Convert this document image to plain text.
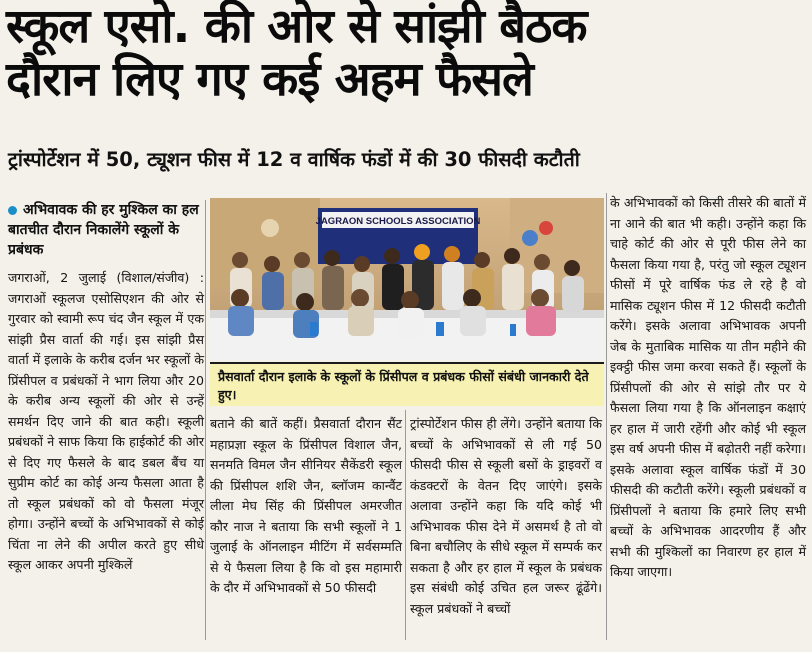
स्कूल एसो. की ओर से सांझी बैठक
दौरान लिए गए कई अहम फैसले
ट्रांस्पोर्टेशन में 50, ट्यूशन फीस में 12 व वार्षिक फंडों में की 30 फीसदी कटौती
अभिवावक की हर मुश्किल का हल बातचीत दौरान निकालेंगे स्कूलों के प्रबंधक
जगराओं, 2 जुलाई (विशाल/संजीव) : जगराओं स्कूलज एसोसिएशन की ओर से गुरवार को स्वामी रूप चंद जैन स्कूल में एक सांझी प्रैस वार्ता की गई। इस सांझी प्रैस वार्ता में इलाके के करीब दर्जन भर स्कूलों के प्रिंसीपल व प्रबंधकों ने भाग लिया और 20 के करीब अन्य स्कूलों की ओर से उन्हें समर्थन दिए जाने की बात कही। स्कूली प्रबंधकों ने साफ किया कि हाईकोर्ट की ओर से दिए गए फैसले के बाद डबल बैंच या सुप्रीम कोर्ट का कोई अन्य फैसला आता है तो स्कूल प्रबंधकों को वो फैसला मंजूर होगा। उन्होंने बच्चों के अभिभावकों से कोई चिंता ना लेने की अपील करते हुए सीधे स्कूल आकर अपनी मुश्किलें
JAGRAON SCHOOLS ASSOCIATION
प्रैसवार्ता दौरान इलाके के स्कूलों के प्रिंसीपल व प्रबंधक फीसों संबंधी जानकारी देते हुए।
बताने की बातें कहीं। प्रैसवार्ता दौरान सैंट महाप्रज्ञा स्कूल के प्रिंसीपल विशाल जैन, सनमति विमल जैन सीनियर सैकेंडरी स्कूल की प्रिंसीपल शशि जैन, ब्लॉजम कान्वैंट लीला मेघ सिंह की प्रिंसीपल अमरजीत कौर नाज ने बताया कि सभी स्कूलों ने 1 जुलाई के ऑनलाइन मीटिंग में सर्वसम्मति से ये फैसला लिया है कि वो इस महामारी के दौर में अभिभावकों से 50 फीसदी
ट्रांस्पोर्टेशन फीस ही लेंगे। उन्होंने बताया कि बच्चों के अभिभावकों से ली गई 50 फीसदी फीस से स्कूली बसों के ड्राइवरों व कंडक्टरों के वेतन दिए जाएंगे। इसके अलावा उन्होंने कहा कि यदि कोई भी अभिभावक फीस देने में असमर्थ है तो वो बिना बचौलिए के सीधे स्कूल में सम्पर्क कर सकता है और हर हाल में स्कूल के प्रबंधक इस संबंधी कोई उचित हल जरूर ढूंढेंगे। स्कूल प्रबंधकों ने बच्चों
के अभिभावकों को किसी तीसरे की बातों में ना आने की बात भी कही। उन्होंने कहा कि चाहे कोर्ट की ओर से पूरी फीस लेने का फैसला किया गया है, परंतु जो स्कूल ट्यूशन फीसों में पूरे वार्षिक फंड ले रहे है वो मासिक ट्यूशन फीस में 12 फीसदी कटौती करेंगे। इसके अलावा अभिभावक अपनी जेब के मुताबिक मासिक या तीन महीने की इक्ट्ठी फीस जमा करवा सकते हैं। स्कूलों के प्रिंसीपलों की ओर से सांझे तौर पर ये फैसला लिया गया है कि ऑनलाइन कक्षाएं हर हाल में जारी रहेंगी और कोई भी स्कूल इस वर्ष अपनी फीस में बढ़ोतरी नहीं करेगा। इसके अलावा स्कूल वार्षिक फंडों में 30 फीसदी की कटौती करेंगे। स्कूली प्रबंधकों व प्रिंसीपलों ने बताया कि हमारे लिए सभी बच्चों के अभिभावक आदरणीय हैं और सभी की मुश्किलों का निवारण हर हाल में किया जाएगा।
